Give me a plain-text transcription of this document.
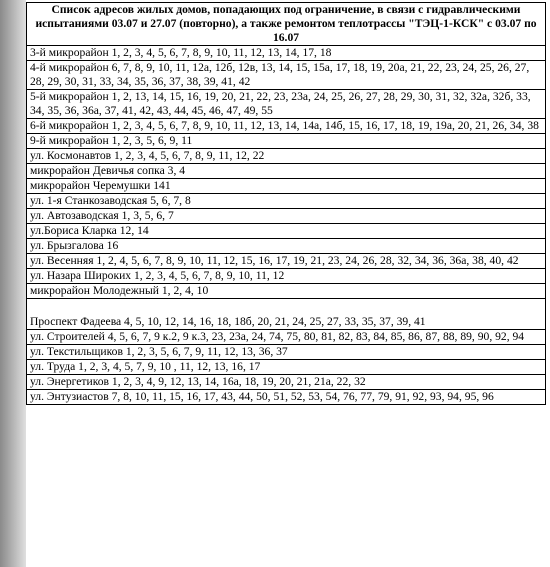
Список адресов жилых домов, попадающих под ограничение, в связи с гидравлическими испытаниями 03.07 и 27.07 (повторно), а также ремонтом теплотрассы "ТЭЦ-1-КСК" с 03.07 по 16.07
3-й микрорайон 1, 2, 3, 4, 5, 6, 7, 8, 9, 10, 11, 12, 13, 14, 17, 18
4-й микрорайон 6, 7, 8, 9, 10, 11, 12а, 12б, 12в, 13, 14, 15, 15а, 17, 18, 19, 20а, 21, 22, 23, 24, 25, 26, 27, 28, 29, 30, 31, 33, 34, 35, 36, 37, 38, 39, 41, 42
5-й микрорайон 1, 2, 13, 14, 15, 16, 19, 20, 21, 22, 23, 23а, 24, 25, 26, 27, 28, 29, 30, 31, 32, 32а, 32б, 33, 34, 35, 36, 36а, 37, 41, 42, 43, 44, 45, 46, 47, 49, 55
6-й микрорайон 1, 2, 3, 4, 5, 6, 7, 8, 9, 10, 11, 12, 13, 14, 14а, 14б, 15, 16, 17, 18, 19, 19а, 20, 21, 26, 34, 38
9-й микрорайон 1, 2, 3, 5, 6, 9, 11
ул. Космонавтов 1, 2, 3, 4, 5, 6, 7, 8, 9, 11, 12, 22
микрорайон Девичья сопка 3, 4
микрорайон Черемушки 141
ул. 1-я Станкозаводская 5, 6, 7, 8
ул. Автозаводская 1, 3, 5, 6, 7
ул.Бориса Кларка 12, 14
ул. Брызгалова 16
ул. Весенняя 1, 2, 4, 5, 6, 7, 8, 9, 10, 11, 12, 15, 16, 17, 19, 21, 23, 24, 26, 28, 32, 34, 36, 36а, 38, 40, 42
ул. Назара Широких 1, 2, 3, 4, 5, 6, 7, 8, 9, 10, 11, 12
микрорайон Молодежный 1, 2, 4, 10

Проспект Фадеева 4, 5, 10, 12, 14, 16, 18, 18б, 20, 21, 24, 25, 27, 33, 35, 37, 39, 41
ул. Строителей 4, 5, 6, 7, 9 к.2, 9 к.3, 23, 23а, 24, 74, 75, 80, 81, 82, 83, 84, 85, 86, 87, 88, 89, 90, 92, 94
ул. Текстильщиков 1, 2, 3, 5, 6, 7, 9, 11, 12, 13, 36, 37
ул. Труда 1, 2, 3, 4, 5, 7, 9, 10 , 11, 12, 13, 16, 17
ул. Энергетиков 1, 2, 3, 4, 9, 12, 13, 14, 16а, 18, 19, 20, 21, 21а, 22, 32
ул. Энтузиастов 7, 8, 10, 11, 15, 16, 17, 43, 44, 50, 51, 52, 53, 54, 76, 77, 79, 91, 92, 93, 94, 95, 96
